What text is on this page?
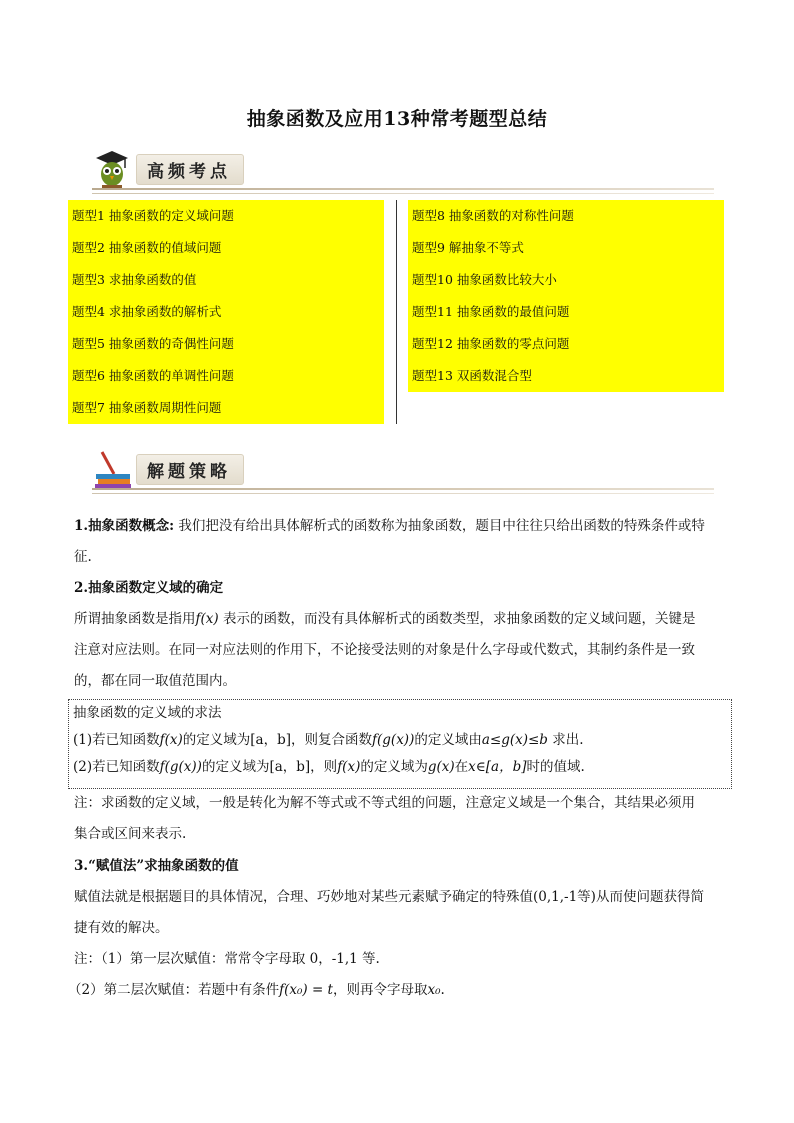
抽象函数及应用13种常考题型总结
高频考点
题型1 抽象函数的定义域问题
题型2 抽象函数的值域问题
题型3 求抽象函数的值
题型4 求抽象函数的解析式
题型5 抽象函数的奇偶性问题
题型6 抽象函数的单调性问题
题型7 抽象函数周期性问题
题型8 抽象函数的对称性问题
题型9 解抽象不等式
题型10 抽象函数比较大小
题型11 抽象函数的最值问题
题型12 抽象函数的零点问题
题型13 双函数混合型
解题策略
1.抽象函数概念: 我们把没有给出具体解析式的函数称为抽象函数，题目中往往只给出函数的特殊条件或特
征.
2.抽象函数定义域的确定
所谓抽象函数是指用f(x) 表示的函数，而没有具体解析式的函数类型，求抽象函数的定义域问题，关键是
注意对应法则。在同一对应法则的作用下，不论接受法则的对象是什么字母或代数式，其制约条件是一致
的，都在同一取值范围内。
抽象函数的定义域的求法
(1)若已知函数f(x)的定义域为[a，b]，则复合函数f(g(x))的定义域由a≤g(x)≤b 求出.
(2)若已知函数f(g(x))的定义域为[a，b]，则f(x)的定义域为g(x)在x∈[a，b]时的值域.
注：求函数的定义域，一般是转化为解不等式或不等式组的问题，注意定义域是一个集合，其结果必须用
集合或区间来表示.
3.“赋值法”求抽象函数的值
赋值法就是根据题目的具体情况，合理、巧妙地对某些元素赋予确定的特殊值(0,1,-1等)从而使问题获得简
捷有效的解决。
注：（1）第一层次赋值：常常令字母取 0，-1,1 等.
（2）第二层次赋值：若题中有条件f(x₀) = t，则再令字母取x₀.
